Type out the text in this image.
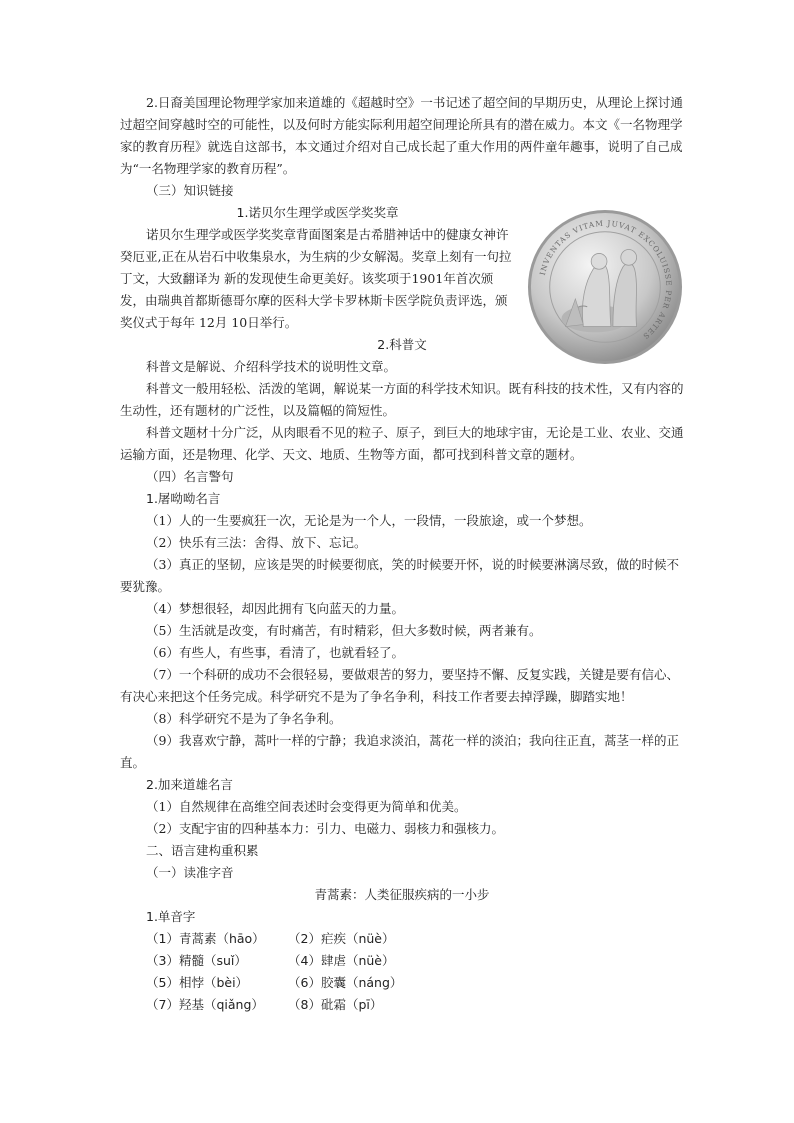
2.日裔美国理论物理学家加来道雄的《超越时空》一书记述了超空间的早期历史，从理论上探讨通过超空间穿越时空的可能性，以及何时方能实际利用超空间理论所具有的潜在威力。本文《一名物理学家的教育历程》就选自这部书，本文通过介绍对自己成长起了重大作用的两件童年趣事，说明了自己成为“一名物理学家的教育历程”。

（三）知识链接

1.诺贝尔生理学或医学奖奖章

诺贝尔生理学或医学奖奖章背面图案是古希腊神话中的健康女神许癸厄亚,正在从岩石中收集泉水，为生病的少女解渴。奖章上刻有一句拉丁文，大致翻译为 新的发现使生命更美好。该奖项于1901年首次颁发，由瑞典首都斯德哥尔摩的医科大学卡罗林斯卡医学院负责评选，颁奖仪式于每年 12月 10日举行。

INVENTAS VITAM JUVAT EXCOLUISSE PER ARTES

2.科普文

科普文是解说、介绍科学技术的说明性文章。

科普文一般用轻松、活泼的笔调，解说某一方面的科学技术知识。既有科技的技术性，又有内容的生动性，还有题材的广泛性，以及篇幅的简短性。

科普文题材十分广泛，从肉眼看不见的粒子、原子，到巨大的地球宇宙，无论是工业、农业、交通运输方面，还是物理、化学、天文、地质、生物等方面，都可找到科普文章的题材。

（四）名言警句

1.屠呦呦名言

（1）人的一生要疯狂一次，无论是为一个人，一段情，一段旅途，或一个梦想。

（2）快乐有三法：舍得、放下、忘记。

（3）真正的坚韧，应该是哭的时候要彻底，笑的时候要开怀，说的时候要淋漓尽致，做的时候不要犹豫。

（4）梦想很轻，却因此拥有飞向蓝天的力量。

（5）生活就是改变，有时痛苦，有时精彩，但大多数时候，两者兼有。

（6）有些人，有些事，看清了，也就看轻了。

（7）一个科研的成功不会很轻易，要做艰苦的努力，要坚持不懈、反复实践，关键是要有信心、有决心来把这个任务完成。科学研究不是为了争名争利，科技工作者要去掉浮躁，脚踏实地！

（8）科学研究不是为了争名争利。

（9）我喜欢宁静，蒿叶一样的宁静；我追求淡泊，蒿花一样的淡泊；我向往正直，蒿茎一样的正直。

2.加来道雄名言

（1）自然规律在高维空间表述时会变得更为简单和优美。

（2）支配宇宙的四种基本力：引力、电磁力、弱核力和强核力。

二、语言建构重积累

（一）读准字音

青蒿素：人类征服疾病的一小步

1.单音字

（1）青蒿素（hāo） （2）疟疾（nüè）

（3）精髓（suǐ）	（4）肆虐（nüè）

（5）相悖（bèi）	（6）胶囊（náng）

（7）羟基（qiǎng） （8）砒霜（pī）
